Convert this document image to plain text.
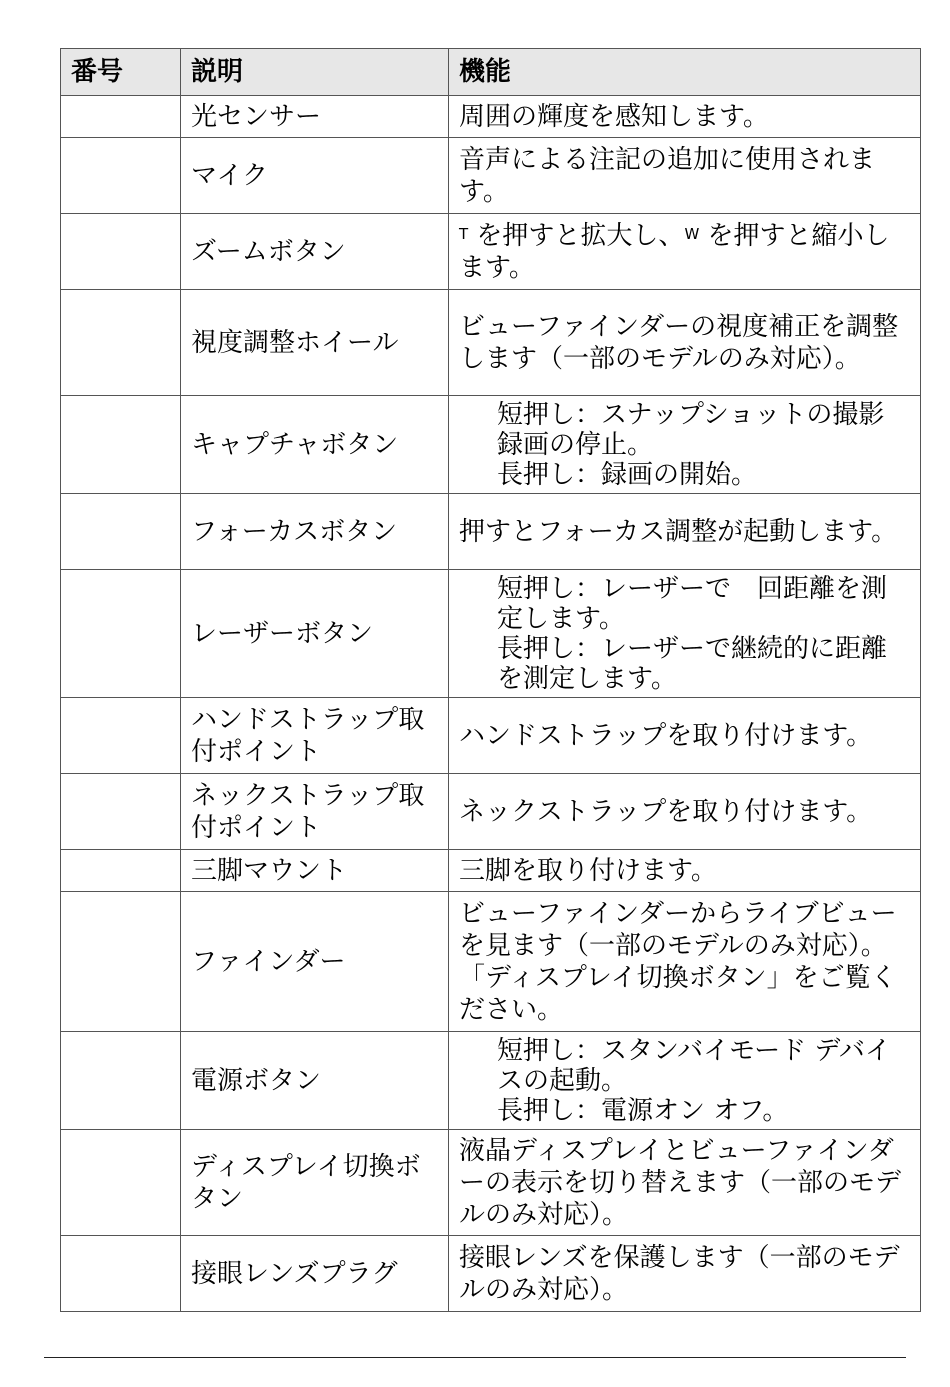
番号	説明	機能
	光センサー	周囲の輝度を感知します。
	マイク	音声による注記の追加に使用されます。
	ズームボタン	$^T$ を押すと拡大し、$^W$ を押すと縮小します。
	視度調整ホイール	ビューファインダーの視度補正を調整します（一部のモデルのみ対応）。
	キャプチャボタン	短押し：スナップショットの撮影 録画の停止。
長押し：録画の開始。

	フォーカスボタン	押すとフォーカス調整が起動します。
	レーザーボタン	短押し：レーザーで　回距離を測定します。
長押し：レーザーで継続的に距離を測定します。

	ハンドストラップ取付ポイント	ハンドストラップを取り付けます。
	ネックストラップ取付ポイント	ネックストラップを取り付けます。
	三脚マウント	三脚を取り付けます。
	ファインダー	ビューファインダーからライブビューを見ます（一部のモデルのみ対応）。「ディスプレイ切換ボタン」をご覧ください。
	電源ボタン	短押し：スタンバイモード デバイスの起動。
長押し：電源オン オフ。

	ディスプレイ切換ボタン	液晶ディスプレイとビューファインダーの表示を切り替えます（一部のモデルのみ対応）。
	接眼レンズプラグ	接眼レンズを保護します（一部のモデルのみ対応）。
